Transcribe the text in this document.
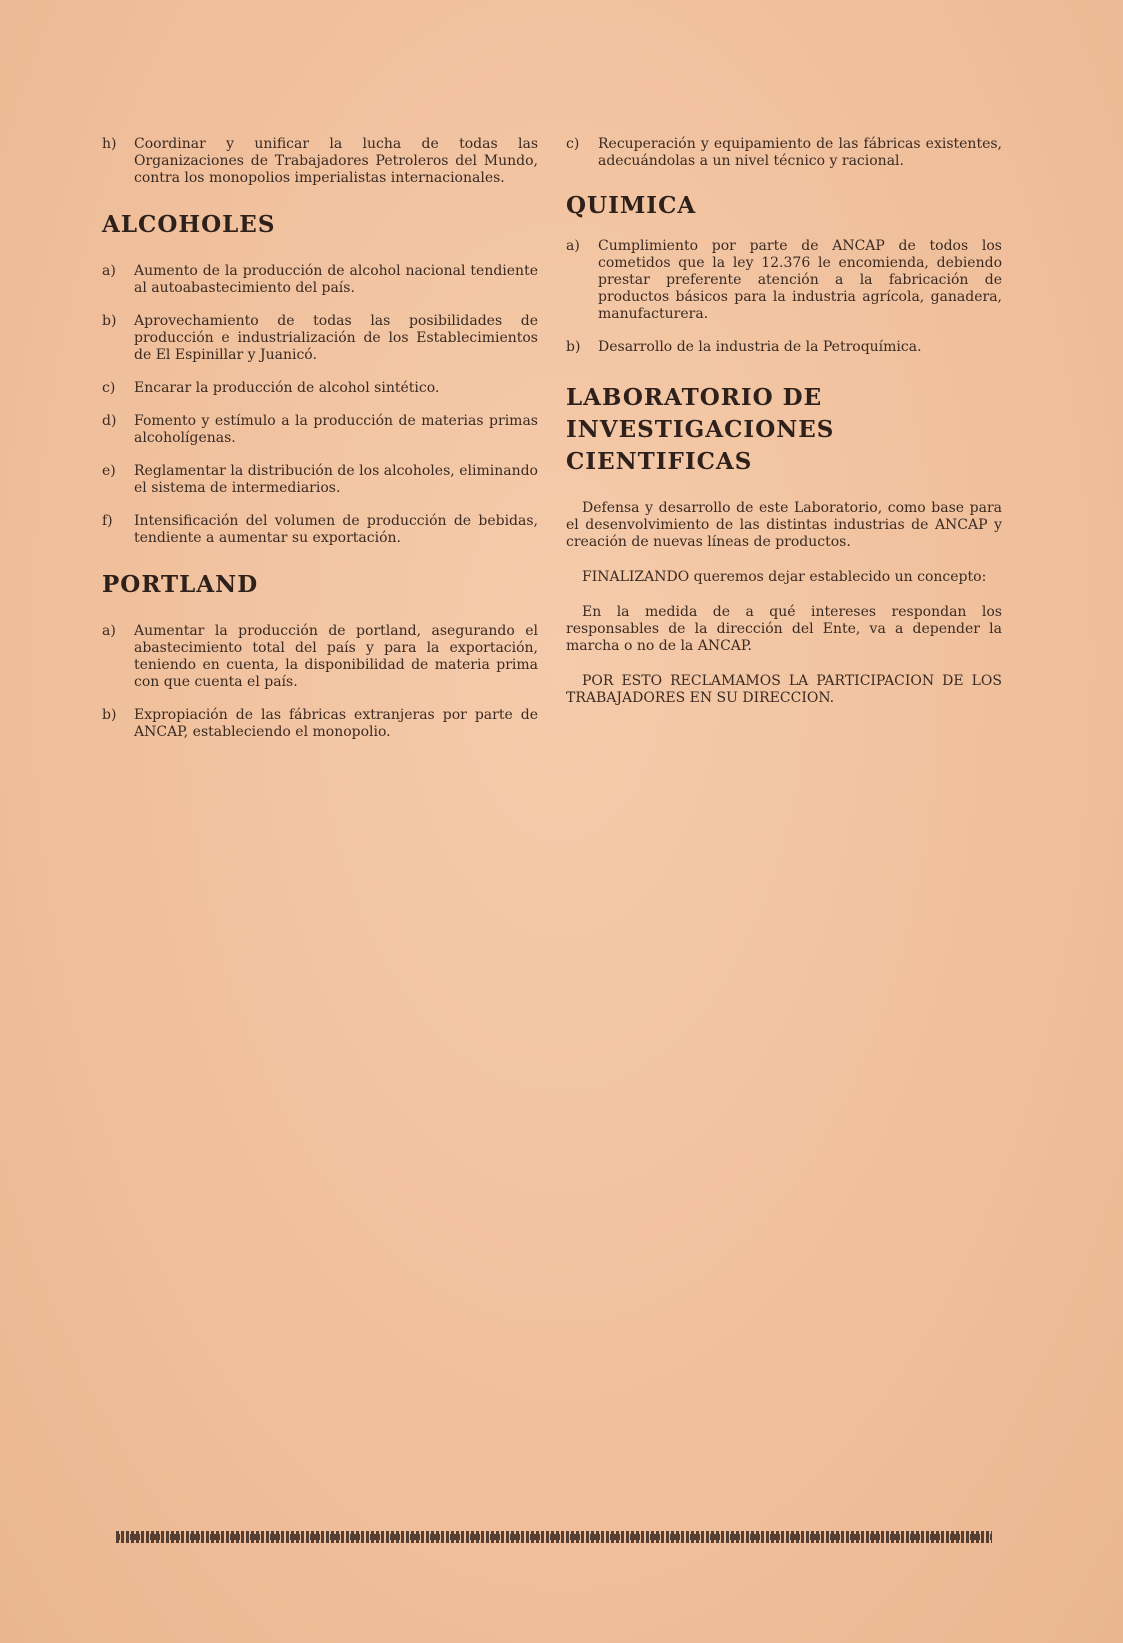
h)	Coordinar y unificar la lucha de todas las Organizaciones de Trabajadores Petroleros del Mundo, contra los monopolios imperialistas internacionales.
ALCOHOLES
a)	Aumento de la producción de alcohol nacional tendiente al autoabastecimiento del país.
b)	Aprovechamiento de todas las posibilidades de producción e industrialización de los Establecimientos de El Espinillar y Juanicó.
c)	Encarar la producción de alcohol sintético.
d)	Fomento y estímulo a la producción de materias primas alcoholígenas.
e)	Reglamentar la distribución de los alcoholes, eliminando el sistema de intermediarios.
f)	Intensificación del volumen de producción de bebidas, tendiente a aumentar su exportación.
PORTLAND
a)	Aumentar la producción de portland, asegurando el abastecimiento total del país y para la exportación, teniendo en cuenta, la disponibilidad de materia prima con que cuenta el país.
b)	Expropiación de las fábricas extranjeras por parte de ANCAP, estableciendo el monopolio.
c)	Recuperación y equipamiento de las fábricas existentes, adecuándolas a un nivel técnico y racional.
QUIMICA
a)	Cumplimiento por parte de ANCAP de todos los cometidos que la ley 12.376 le encomienda, debiendo prestar preferente atención a la fabricación de productos básicos para la industria agrícola, ganadera, manufacturera.
b)	Desarrollo de la industria de la Petroquímica.
LABORATORIO DE
INVESTIGACIONES
CIENTIFICAS

Defensa y desarrollo de este Laboratorio, como base para el desenvolvimiento de las distintas industrias de ANCAP y creación de nuevas líneas de productos.

FINALIZANDO queremos dejar establecido un concepto:

En la medida de a qué intereses respondan los responsables de la dirección del Ente, va a depender la marcha o no de la ANCAP.

POR ESTO RECLAMAMOS LA PARTICIPACION DE LOS TRABAJADORES EN SU DIRECCION.
